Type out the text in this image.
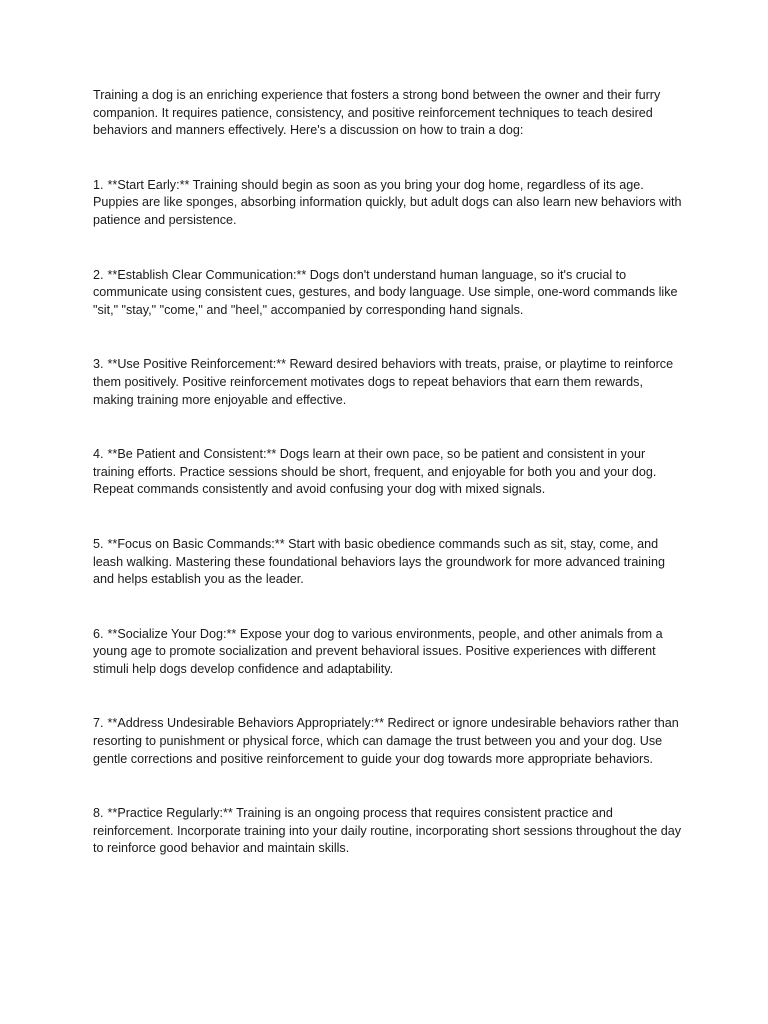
Training a dog is an enriching experience that fosters a strong bond between the owner and their furry companion. It requires patience, consistency, and positive reinforcement techniques to teach desired behaviors and manners effectively. Here's a discussion on how to train a dog:

1. **Start Early:** Training should begin as soon as you bring your dog home, regardless of its age. Puppies are like sponges, absorbing information quickly, but adult dogs can also learn new behaviors with patience and persistence.

2. **Establish Clear Communication:** Dogs don't understand human language, so it's crucial to communicate using consistent cues, gestures, and body language. Use simple, one-word commands like "sit," "stay," "come," and "heel," accompanied by corresponding hand signals.

3. **Use Positive Reinforcement:** Reward desired behaviors with treats, praise, or playtime to reinforce them positively. Positive reinforcement motivates dogs to repeat behaviors that earn them rewards, making training more enjoyable and effective.

4. **Be Patient and Consistent:** Dogs learn at their own pace, so be patient and consistent in your training efforts. Practice sessions should be short, frequent, and enjoyable for both you and your dog. Repeat commands consistently and avoid confusing your dog with mixed signals.

5. **Focus on Basic Commands:** Start with basic obedience commands such as sit, stay, come, and leash walking. Mastering these foundational behaviors lays the groundwork for more advanced training and helps establish you as the leader.

6. **Socialize Your Dog:** Expose your dog to various environments, people, and other animals from a young age to promote socialization and prevent behavioral issues. Positive experiences with different stimuli help dogs develop confidence and adaptability.

7. **Address Undesirable Behaviors Appropriately:** Redirect or ignore undesirable behaviors rather than resorting to punishment or physical force, which can damage the trust between you and your dog. Use gentle corrections and positive reinforcement to guide your dog towards more appropriate behaviors.

8. **Practice Regularly:** Training is an ongoing process that requires consistent practice and reinforcement. Incorporate training into your daily routine, incorporating short sessions throughout the day to reinforce good behavior and maintain skills.
